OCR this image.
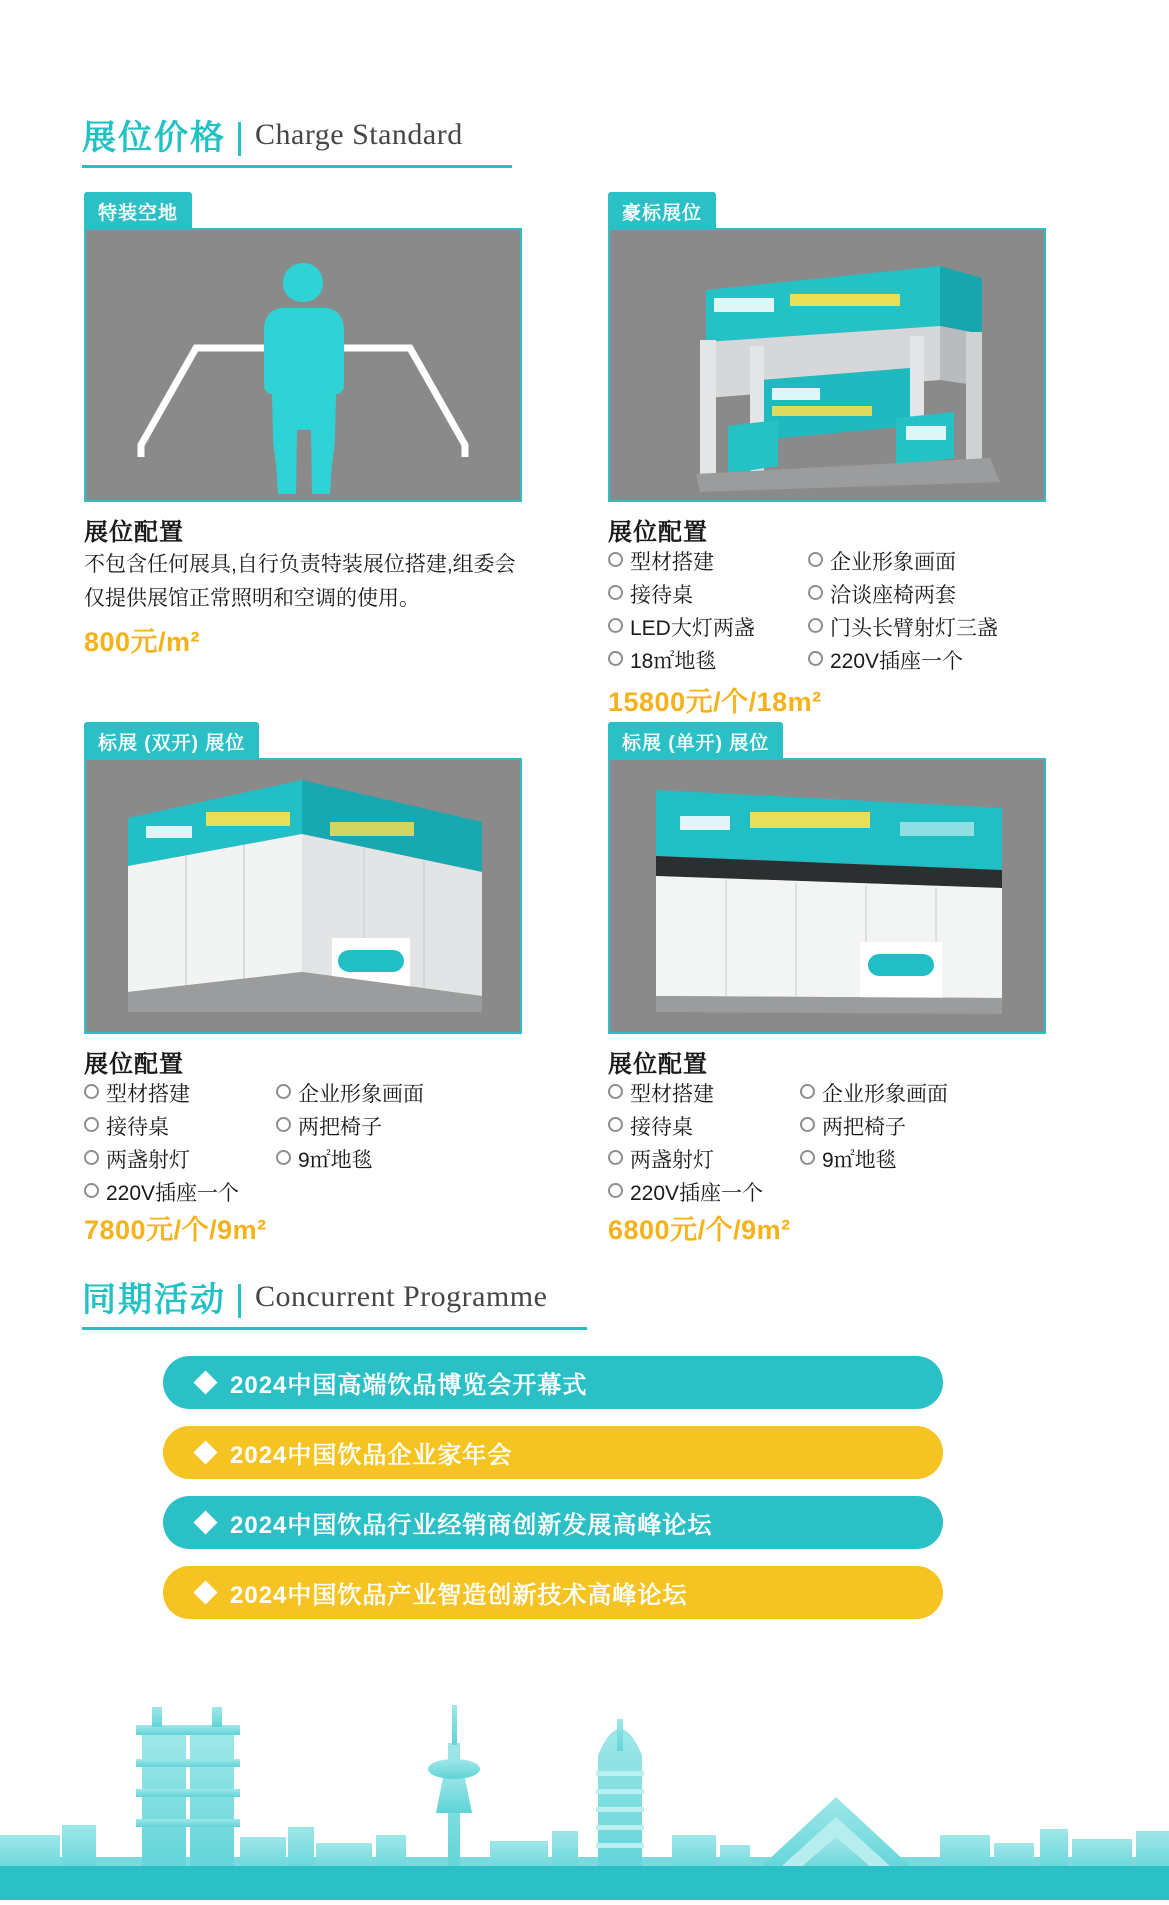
展位价格 Charge Standard
特装空地
展位配置
不包含任何展具,自行负责特装展位搭建,组委会仅提供展馆正常照明和空调的使用。
800元/m²
豪标展位
展位配置
型材搭建	企业形象画面
接待桌	洽谈座椅两套
LED大灯两盏	门头长臂射灯三盏
18㎡地毯	220V插座一个
15800元/个/18m²
标展 (双开) 展位
展位配置
型材搭建	企业形象画面
接待桌	两把椅子
两盏射灯	9㎡地毯
220V插座一个
7800元/个/9m²
标展 (单开) 展位
展位配置
型材搭建	企业形象画面
接待桌	两把椅子
两盏射灯	9㎡地毯
220V插座一个
6800元/个/9m²
同期活动 Concurrent Programme
2024中国高端饮品博览会开幕式
2024中国饮品企业家年会
2024中国饮品行业经销商创新发展高峰论坛
2024中国饮品产业智造创新技术高峰论坛
